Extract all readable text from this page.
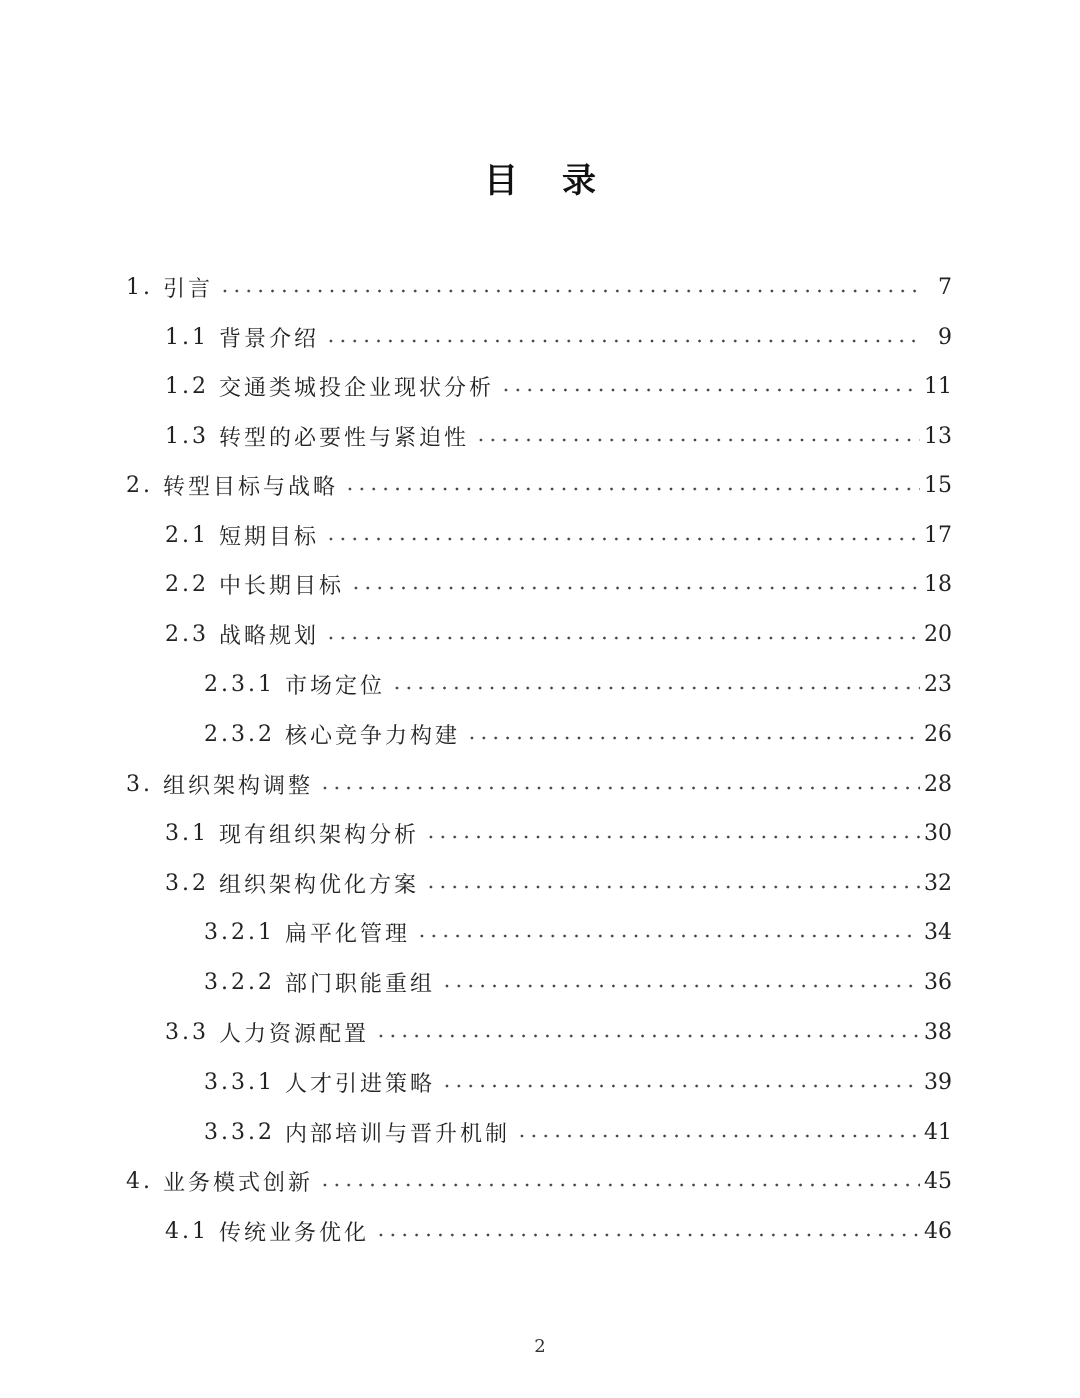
目录
1. 引言	7
1.1 背景介绍	9
1.2 交通类城投企业现状分析	11
1.3 转型的必要性与紧迫性	13
2. 转型目标与战略	15
2.1 短期目标	17
2.2 中长期目标	18
2.3 战略规划	20
2.3.1 市场定位	23
2.3.2 核心竞争力构建	26
3. 组织架构调整	28
3.1 现有组织架构分析	30
3.2 组织架构优化方案	32
3.2.1 扁平化管理	34
3.2.2 部门职能重组	36
3.3 人力资源配置	38
3.3.1 人才引进策略	39
3.3.2 内部培训与晋升机制	41
4. 业务模式创新	45
4.1 传统业务优化	46
2
